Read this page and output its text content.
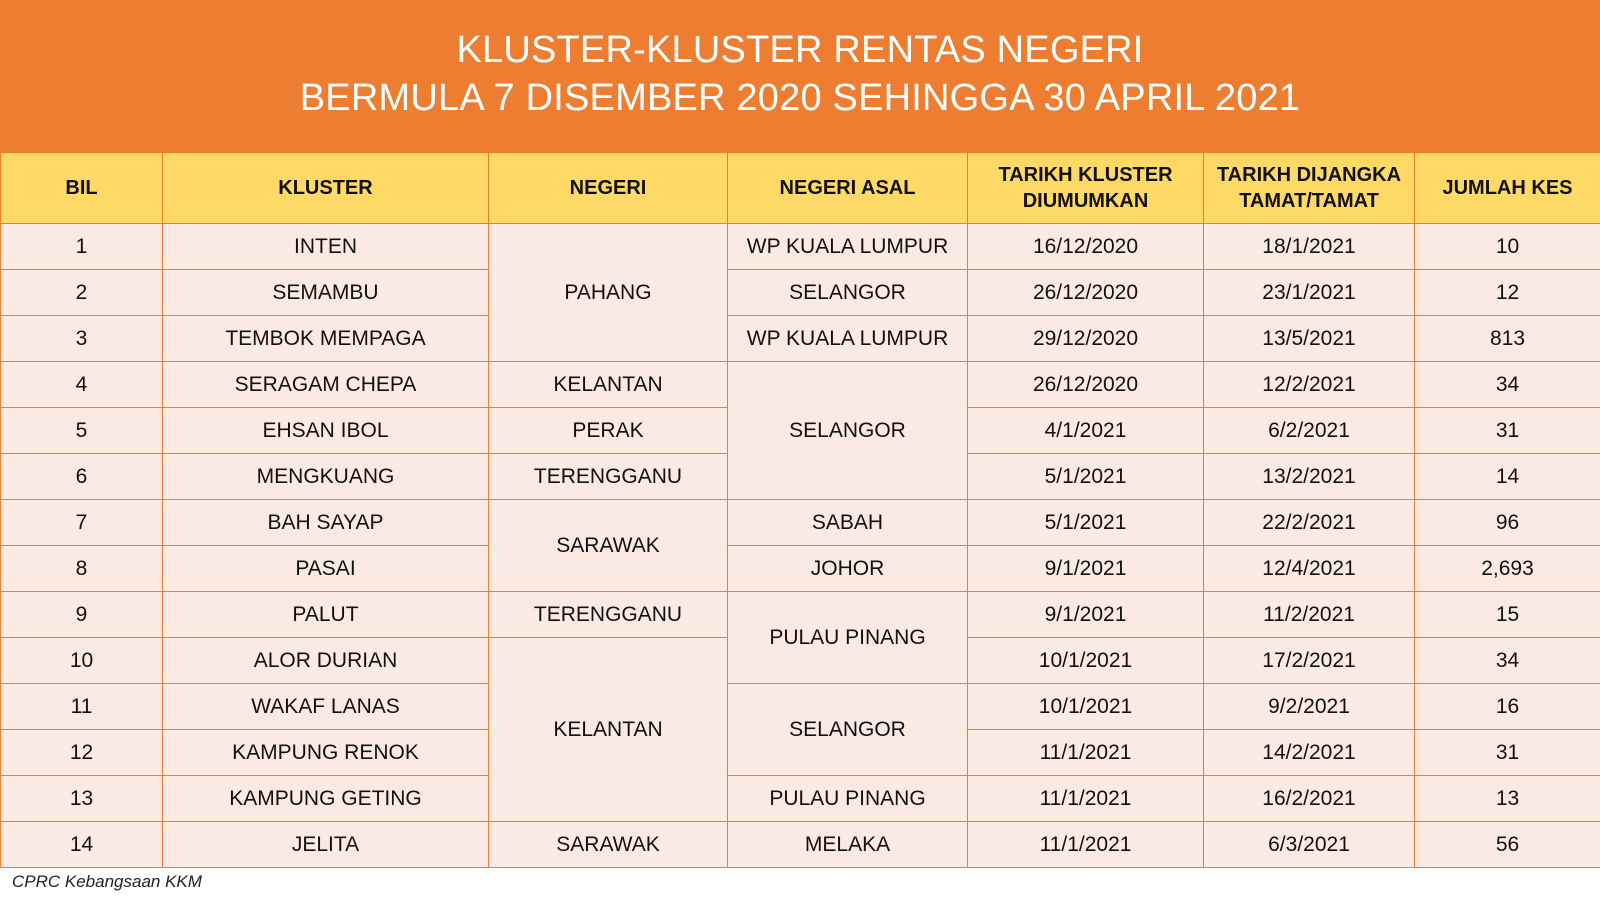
KLUSTER-KLUSTER RENTAS NEGERI
BERMULA 7 DISEMBER 2020 SEHINGGA 30 APRIL 2021
BIL	KLUSTER	NEGERI	NEGERI ASAL	TARIKH KLUSTER DIUMUMKAN	TARIKH DIJANGKA TAMAT/TAMAT	JUMLAH KES
1	INTEN	PAHANG	WP KUALA LUMPUR	16/12/2020	18/1/2021	10
2	SEMAMBU		SELANGOR	26/12/2020	23/1/2021	12
3	TEMBOK MEMPAGA		WP KUALA LUMPUR	29/12/2020	13/5/2021	813
4	SERAGAM CHEPA	KELANTAN	SELANGOR	26/12/2020	12/2/2021	34
5	EHSAN IBOL	PERAK		4/1/2021	6/2/2021	31
6	MENGKUANG	TERENGGANU		5/1/2021	13/2/2021	14
7	BAH SAYAP	SARAWAK	SABAH	5/1/2021	22/2/2021	96
8	PASAI		JOHOR	9/1/2021	12/4/2021	2,693
9	PALUT	TERENGGANU	PULAU PINANG	9/1/2021	11/2/2021	15
10	ALOR DURIAN	KELANTAN		10/1/2021	17/2/2021	34
11	WAKAF LANAS		SELANGOR	10/1/2021	9/2/2021	16
12	KAMPUNG RENOK			11/1/2021	14/2/2021	31
13	KAMPUNG GETING		PULAU PINANG	11/1/2021	16/2/2021	13
14	JELITA	SARAWAK	MELAKA	11/1/2021	6/3/2021	56
CPRC Kebangsaan KKM
